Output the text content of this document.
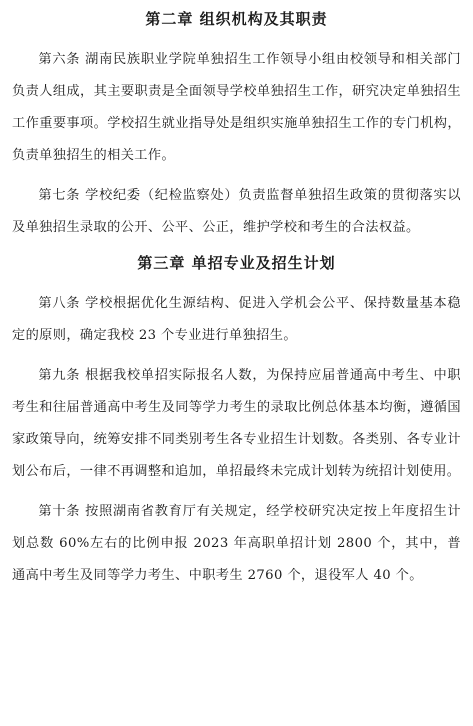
第二章 组织机构及其职责

第六条 湖南民族职业学院单独招生工作领导小组由校领导和相关部门负责人组成，其主要职责是全面领导学校单独招生工作，研究决定单独招生工作重要事项。学校招生就业指导处是组织实施单独招生工作的专门机构，负责单独招生的相关工作。

第七条 学校纪委（纪检监察处）负责监督单独招生政策的贯彻落实以及单独招生录取的公开、公平、公正，维护学校和考生的合法权益。

第三章 单招专业及招生计划

第八条 学校根据优化生源结构、促进入学机会公平、保持数量基本稳定的原则，确定我校 23 个专业进行单独招生。

第九条 根据我校单招实际报名人数，为保持应届普通高中考生、中职考生和往届普通高中考生及同等学力考生的录取比例总体基本均衡，遵循国家政策导向，统筹安排不同类别考生各专业招生计划数。各类别、各专业计划公布后，一律不再调整和追加，单招最终未完成计划转为统招计划使用。

第十条 按照湖南省教育厅有关规定，经学校研究决定按上年度招生计划总数 60%左右的比例申报 2023 年高职单招计划 2800 个，其中，普通高中考生及同等学力考生、中职考生 2760 个，退役军人 40 个。
